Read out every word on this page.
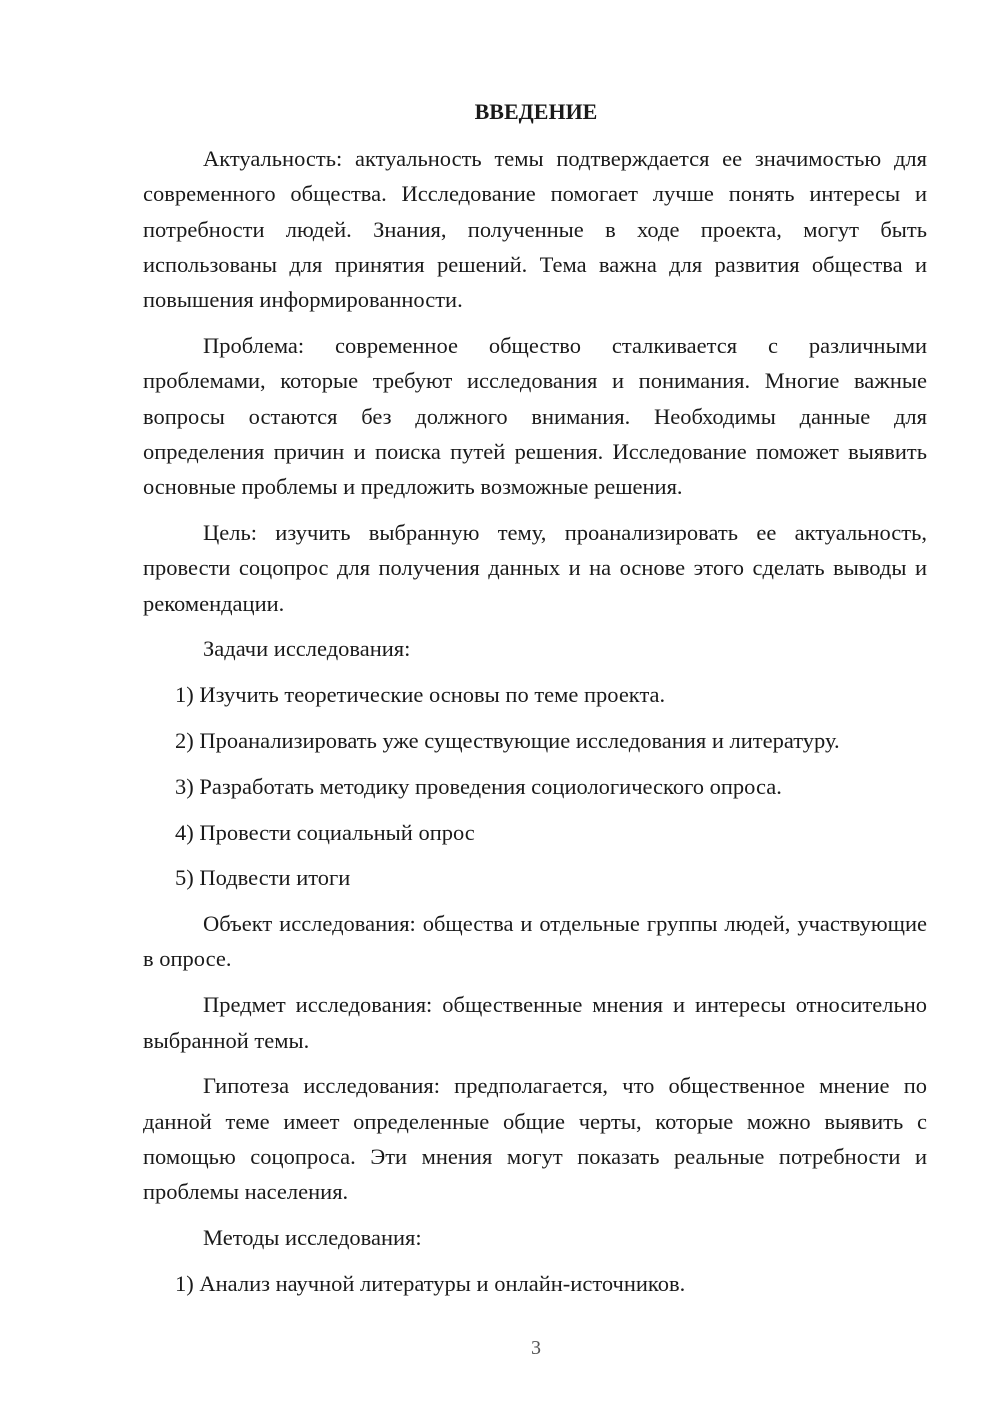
ВВЕДЕНИЕ

Актуальность: актуальность темы подтверждается ее значимостью для современного общества. Исследование помогает лучше понять интересы и потребности людей. Знания, полученные в ходе проекта, могут быть использованы для принятия решений. Тема важна для развития общества и повышения информированности.

Проблема: современное общество сталкивается с различными проблемами, которые требуют исследования и понимания. Многие важные вопросы остаются без должного внимания. Необходимы данные для определения причин и поиска путей решения. Исследование поможет выявить основные проблемы и предложить возможные решения.

Цель: изучить выбранную тему, проанализировать ее актуальность, провести соцопрос для получения данных и на основе этого сделать выводы и рекомендации.

Задачи исследования:

1) Изучить теоретические основы по теме проекта.

2) Проанализировать уже существующие исследования и литературу.

3) Разработать методику проведения социологического опроса.

4) Провести социальный опрос

5) Подвести итоги

Объект исследования: общества и отдельные группы людей, участвующие в опросе.

Предмет исследования: общественные мнения и интересы относительно выбранной темы.

Гипотеза исследования: предполагается, что общественное мнение по данной теме имеет определенные общие черты, которые можно выявить с помощью соцопроса. Эти мнения могут показать реальные потребности и проблемы населения.

Методы исследования:

1) Анализ научной литературы и онлайн-источников.

3
